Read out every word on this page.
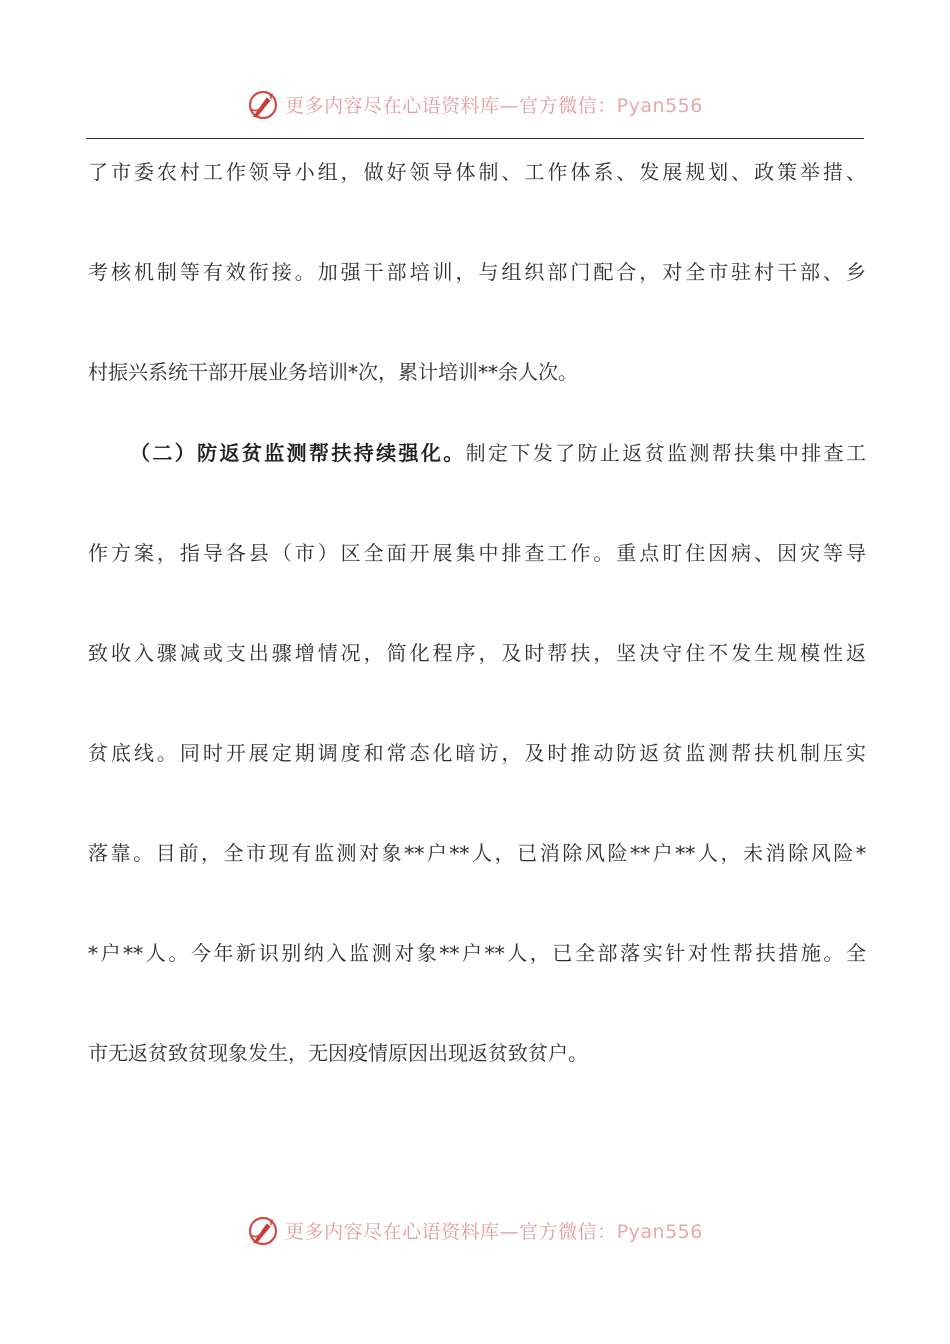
更多内容尽在心语资料库—官方微信：Pyan556
了市委农村工作领导小组，做好领导体制、工作体系、发展规划、政策举措、
考核机制等有效衔接。加强干部培训，与组织部门配合，对全市驻村干部、乡
村振兴系统干部开展业务培训*次，累计培训**余人次。
（二）防返贫监测帮扶持续强化。制定下发了防止返贫监测帮扶集中排查工
作方案，指导各县（市）区全面开展集中排查工作。重点盯住因病、因灾等导
致收入骤减或支出骤增情况，简化程序，及时帮扶，坚决守住不发生规模性返
贫底线。同时开展定期调度和常态化暗访，及时推动防返贫监测帮扶机制压实
落靠。目前，全市现有监测对象**户**人，已消除风险**户**人，未消除风险*
*户**人。今年新识别纳入监测对象**户**人，已全部落实针对性帮扶措施。全
市无返贫致贫现象发生，无因疫情原因出现返贫致贫户。
更多内容尽在心语资料库—官方微信：Pyan556
